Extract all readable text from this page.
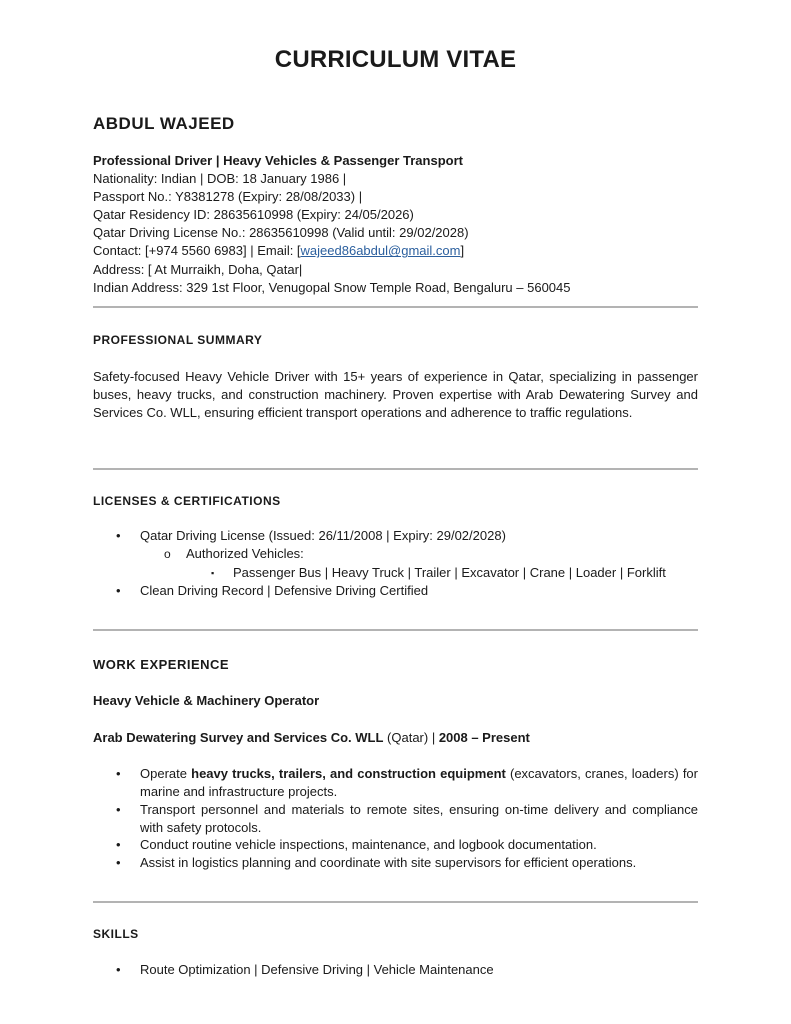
CURRICULUM VITAE
ABDUL WAJEED
Professional Driver | Heavy Vehicles & Passenger Transport
Nationality: Indian | DOB: 18 January 1986 |
Passport No.: Y8381278 (Expiry: 28/08/2033) |
Qatar Residency ID: 28635610998 (Expiry: 24/05/2026)
Qatar Driving License No.: 28635610998 (Valid until: 29/02/2028)
Contact: [+974 5560 6983] | Email: [wajeed86abdul@gmail.com]
Address: [ At Murraikh, Doha, Qatar|
Indian Address: 329 1st Floor, Venugopal Snow Temple Road, Bengaluru – 560045
PROFESSIONAL SUMMARY
Safety-focused Heavy Vehicle Driver with 15+ years of experience in Qatar, specializing in passenger buses, heavy trucks, and construction machinery. Proven expertise with Arab Dewatering Survey and Services Co. WLL, ensuring efficient transport operations and adherence to traffic regulations.
LICENSES & CERTIFICATIONS
• Qatar Driving License (Issued: 26/11/2008 | Expiry: 29/02/2028)
o Authorized Vehicles:
▪ Passenger Bus | Heavy Truck | Trailer | Excavator | Crane | Loader | Forklift
• Clean Driving Record | Defensive Driving Certified
WORK EXPERIENCE
Heavy Vehicle & Machinery Operator
Arab Dewatering Survey and Services Co. WLL (Qatar) | 2008 – Present
• Operate heavy trucks, trailers, and construction equipment (excavators, cranes, loaders) for marine and infrastructure projects.
• Transport personnel and materials to remote sites, ensuring on-time delivery and compliance with safety protocols.
• Conduct routine vehicle inspections, maintenance, and logbook documentation.
• Assist in logistics planning and coordinate with site supervisors for efficient operations.
SKILLS
• Route Optimization | Defensive Driving | Vehicle Maintenance
